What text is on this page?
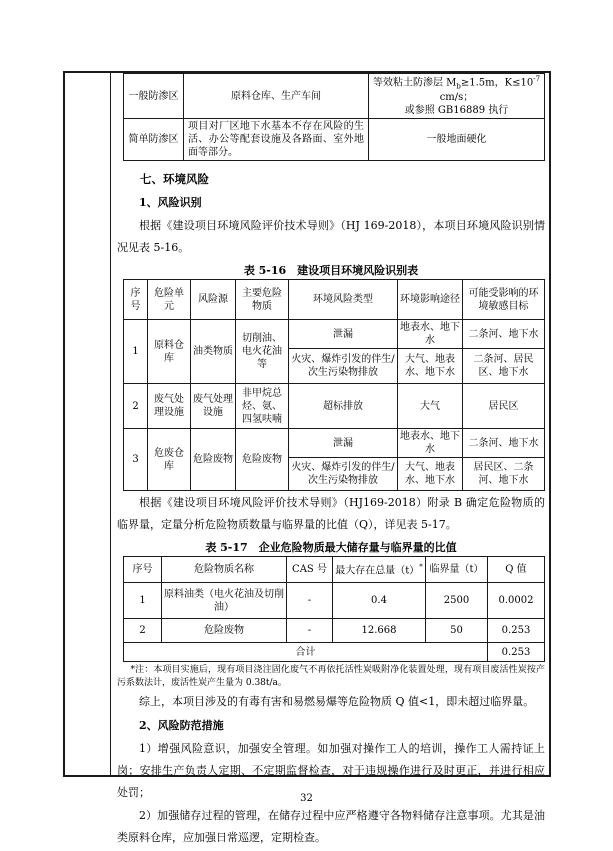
一般防渗区	原料仓库、生产车间	等效粘土防渗层 $M_b\ge 1.5m$，$K\le 10^{-7}cm/s$；
或参照 GB16889 执行
简单防渗区	项目对厂区地下水基本不存在风险的生活、办公等配套设施及各路面、室外地面等部分。	一般地面硬化
七、环境风险
1、风险识别
根据《建设项目环境风险评价技术导则》（HJ 169-2018），本项目环境风险识别情况见表 5-16。
表 5-16　建设项目环境风险识别表
序号	危险单元	风险源	主要危险物质	环境风险类型	环境影响途径	可能受影响的环境敏感目标
1	原料仓库	油类物质	切削油、电火花油等	泄漏	地表水、地下水	二条河、地下水
				火灾、爆炸引发的伴生/次生污染物排放	大气、地表水、地下水	二条河、居民区、地下水
2	废气处理设施	废气处理设施	非甲烷总烃、氨、四氢呋喃	超标排放	大气	居民区
3	危废仓库	危险废物	危险废物	泄漏	地表水、地下水	二条河、地下水
				火灾、爆炸引发的伴生/次生污染物排放	大气、地表水、地下水	居民区、二条河、地下水
根据《建设项目环境风险评价技术导则》（HJ169-2018）附录 B 确定危险物质的临界量，定量分析危险物质数量与临界量的比值（Q），详见表 5-17。
表 5-17　企业危险物质最大储存量与临界量的比值
序号	危险物质名称	CAS 号	最大存在总量（t）*	临界量（t）	Q 值
1	原料油类（电火花油及切削油）	-	0.4	2500	0.0002
2	危险废物	-	12.668	50	0.253
合计					0.253
*注：本项目实施后，现有项目浇注固化废气不再依托活性炭吸附净化装置处理，现有项目废活性炭按产污系数法计，废活性炭产生量为 0.38t/a。
综上，本项目涉及的有毒有害和易燃易爆等危险物质 Q 值<1，即未超过临界量。
2、风险防范措施
1）增强风险意识，加强安全管理。如加强对操作工人的培训，操作工人需持证上岗；安排生产负责人定期、不定期监督检查，对于违规操作进行及时更正，并进行相应处罚；
2）加强储存过程的管理，在储存过程中应严格遵守各物料储存注意事项。尤其是油类原料仓库，应加强日常巡逻，定期检查。
32
